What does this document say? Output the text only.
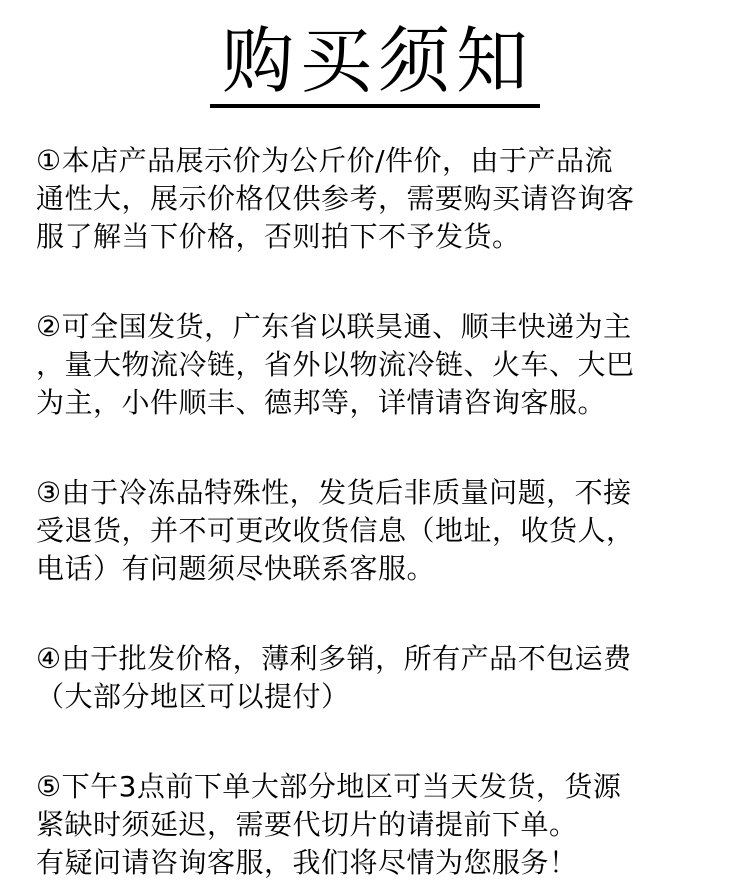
购买须知

①本店产品展示价为公斤价/件价，由于产品流
通性大，展示价格仅供参考，需要购买请咨询客
服了解当下价格，否则拍下不予发货。

②可全国发货，广东省以联昊通、顺丰快递为主
，量大物流冷链，省外以物流冷链、火车、大巴
为主，小件顺丰、德邦等，详情请咨询客服。

③由于冷冻品特殊性，发货后非质量问题，不接
受退货，并不可更改收货信息（地址，收货人，
电话）有问题须尽快联系客服。

④由于批发价格，薄利多销，所有产品不包运费
（大部分地区可以提付）

⑤下午3点前下单大部分地区可当天发货，货源
紧缺时须延迟，需要代切片的请提前下单。
有疑问请咨询客服，我们将尽情为您服务！
